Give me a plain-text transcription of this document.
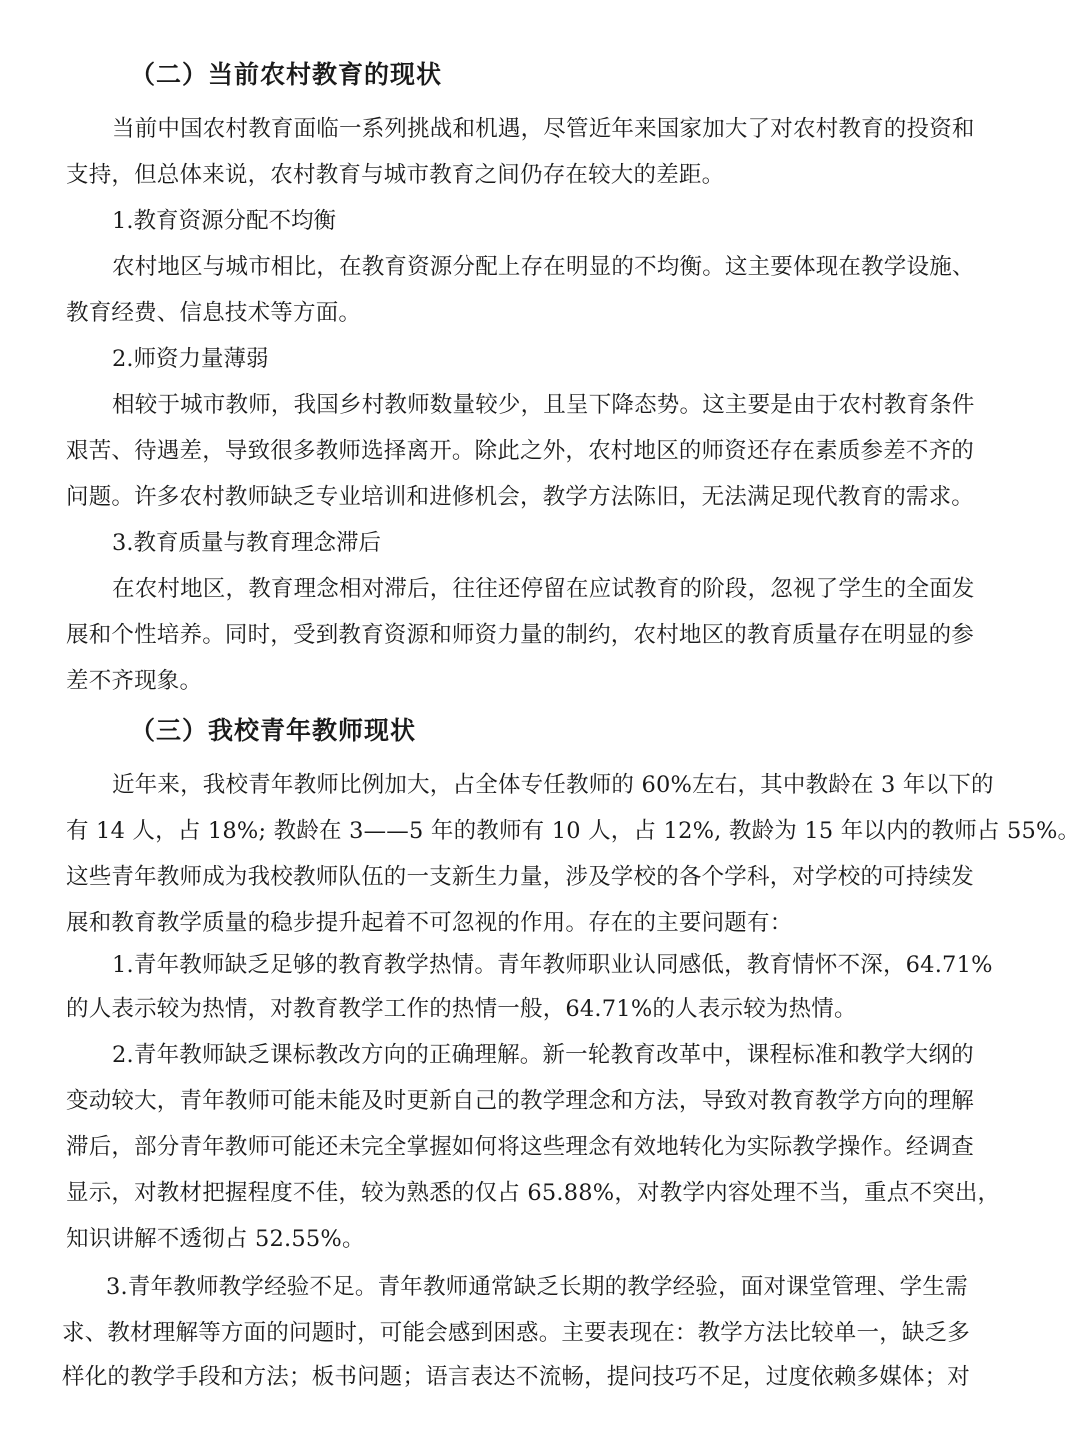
（二）当前农村教育的现状
当前中国农村教育面临一系列挑战和机遇，尽管近年来国家加大了对农村教育的投资和
支持，但总体来说，农村教育与城市教育之间仍存在较大的差距。
1.教育资源分配不均衡
农村地区与城市相比，在教育资源分配上存在明显的不均衡。这主要体现在教学设施、
教育经费、信息技术等方面。
2.师资力量薄弱
相较于城市教师，我国乡村教师数量较少，且呈下降态势。这主要是由于农村教育条件
艰苦、待遇差，导致很多教师选择离开。除此之外，农村地区的师资还存在素质参差不齐的
问题。许多农村教师缺乏专业培训和进修机会，教学方法陈旧，无法满足现代教育的需求。
3.教育质量与教育理念滞后
在农村地区，教育理念相对滞后，往往还停留在应试教育的阶段，忽视了学生的全面发
展和个性培养。同时，受到教育资源和师资力量的制约，农村地区的教育质量存在明显的参
差不齐现象。
（三）我校青年教师现状
近年来，我校青年教师比例加大，占全体专任教师的 60%左右，其中教龄在 3 年以下的
有 14 人，占 18%; 教龄在 3——5 年的教师有 10 人，占 12%, 教龄为 15 年以内的教师占 55%。
这些青年教师成为我校教师队伍的一支新生力量，涉及学校的各个学科，对学校的可持续发
展和教育教学质量的稳步提升起着不可忽视的作用。存在的主要问题有：
1.青年教师缺乏足够的教育教学热情。青年教师职业认同感低，教育情怀不深，64.71%
的人表示较为热情，对教育教学工作的热情一般，64.71%的人表示较为热情。
2.青年教师缺乏课标教改方向的正确理解。新一轮教育改革中，课程标准和教学大纲的
变动较大，青年教师可能未能及时更新自己的教学理念和方法，导致对教育教学方向的理解
滞后，部分青年教师可能还未完全掌握如何将这些理念有效地转化为实际教学操作。经调查
显示，对教材把握程度不佳，较为熟悉的仅占 65.88%，对教学内容处理不当，重点不突出，
知识讲解不透彻占 52.55%。
3.青年教师教学经验不足。青年教师通常缺乏长期的教学经验，面对课堂管理、学生需
求、教材理解等方面的问题时，可能会感到困惑。主要表现在：教学方法比较单一，缺乏多
样化的教学手段和方法；板书问题；语言表达不流畅，提问技巧不足，过度依赖多媒体；对
